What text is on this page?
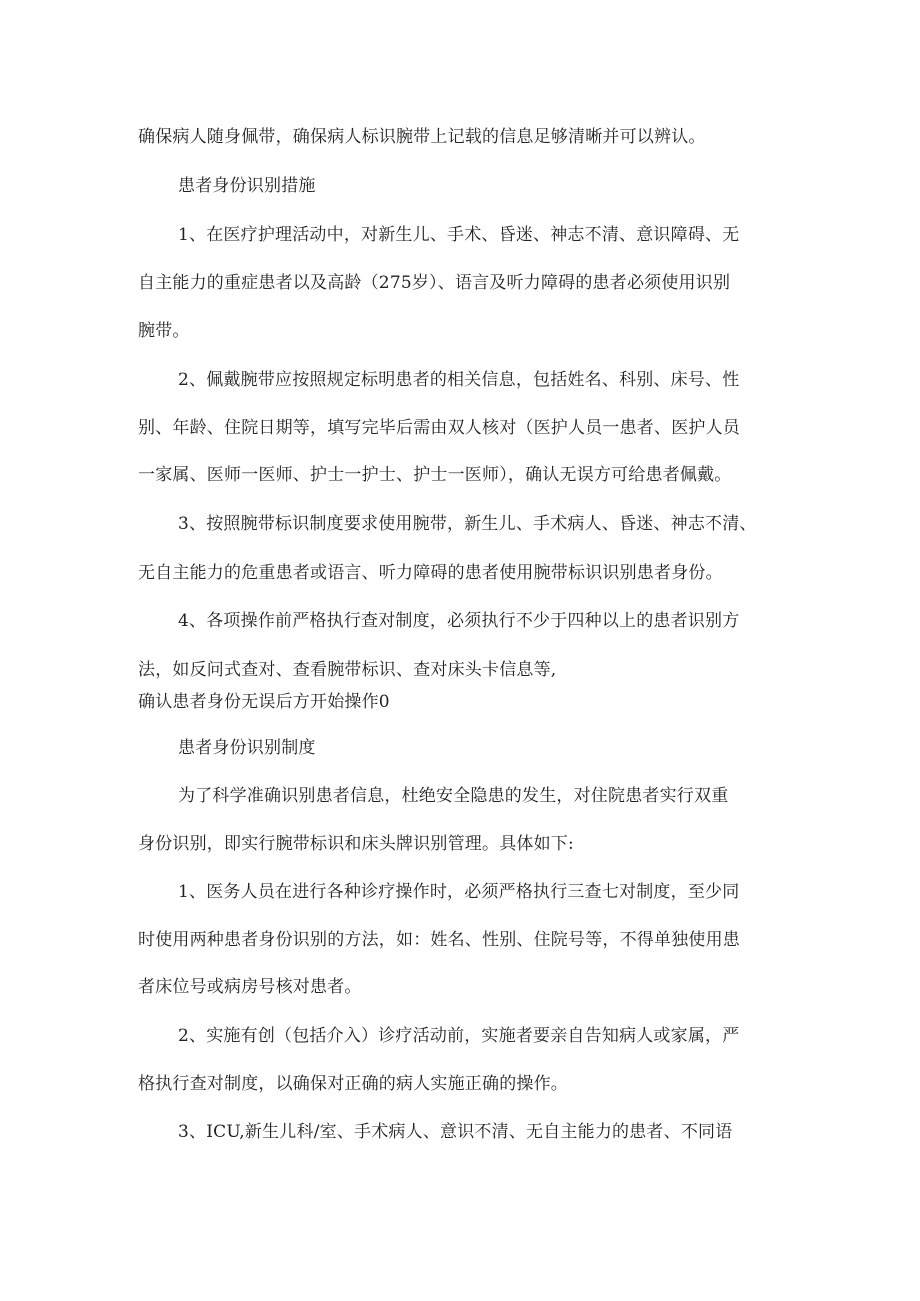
确保病人随身佩带，确保病人标识腕带上记载的信息足够清晰并可以辨认。
患者身份识别措施
1、在医疗护理活动中，对新生儿、手术、昏迷、神志不清、意识障碍、无
自主能力的重症患者以及高龄（275岁）、语言及听力障碍的患者必须使用识别
腕带。
2、佩戴腕带应按照规定标明患者的相关信息，包括姓名、科别、床号、性
别、年龄、住院日期等，填写完毕后需由双人核对（医护人员一患者、医护人员
一家属、医师一医师、护士一护士、护士一医师），确认无误方可给患者佩戴。
3、按照腕带标识制度要求使用腕带，新生儿、手术病人、昏迷、神志不清、
无自主能力的危重患者或语言、听力障碍的患者使用腕带标识识别患者身份。
4、各项操作前严格执行查对制度，必须执行不少于四种以上的患者识别方
法，如反问式查对、查看腕带标识、查对床头卡信息等,
确认患者身份无误后方开始操作0
患者身份识别制度
为了科学准确识别患者信息，杜绝安全隐患的发生，对住院患者实行双重
身份识别，即实行腕带标识和床头牌识别管理。具体如下:
1、医务人员在进行各种诊疗操作时，必须严格执行三查七对制度，至少同
时使用两种患者身份识别的方法，如：姓名、性别、住院号等，不得单独使用患
者床位号或病房号核对患者。
2、实施有创（包括介入）诊疗活动前，实施者要亲自告知病人或家属，严
格执行查对制度，以确保对正确的病人实施正确的操作。
3、ICU,新生儿科/室、手术病人、意识不清、无自主能力的患者、不同语
